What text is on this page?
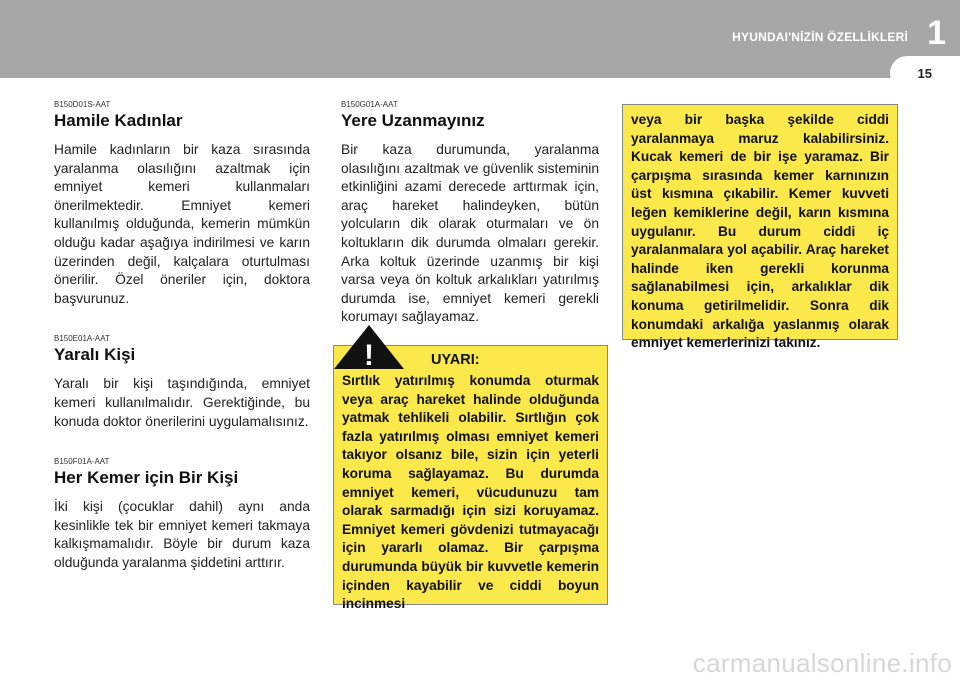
HYUNDAI'NİZİN ÖZELLİKLERİ 1
15
B150D01S-AAT
Hamile Kadınlar

Hamile kadınların bir kaza sırasında yaralanma olasılığını azaltmak için emniyet kemeri kullanmaları önerilmektedir. Emniyet kemeri kullanılmış olduğunda, kemerin mümkün olduğu kadar aşağıya indirilmesi ve karın üzerinden değil, kalçalara oturtulması önerilir. Özel öneriler için, doktora başvurunuz.

B150E01A-AAT
Yaralı Kişi

Yaralı bir kişi taşındığında, emniyet kemeri kullanılmalıdır. Gerektiğinde, bu konuda doktor önerilerini uygulamalısınız.

B150F01A-AAT
Her Kemer için Bir Kişi

İki kişi (çocuklar dahil) aynı anda kesinlikle tek bir emniyet kemeri takmaya kalkışmamalıdır. Böyle bir durum kaza olduğunda yaralanma şiddetini arttırır.

B150G01A-AAT
Yere Uzanmayınız

Bir kaza durumunda, yaralanma olasılığını azaltmak ve güvenlik sisteminin etkinliğini azami derecede arttırmak için, araç hareket halindeyken, bütün yolcuların dik olarak oturmaları ve ön koltukların dik durumda olmaları gerekir. Arka koltuk üzerinde uzanmış bir kişi varsa veya ön koltuk arkalıkları yatırılmış durumda ise, emniyet kemeri gerekli korumayı sağlayamaz.

UYARI:

Sırtlık yatırılmış konumda oturmak veya araç hareket halinde olduğunda yatmak tehlikeli olabilir. Sırtlığın çok fazla yatırılmış olması emniyet kemeri takıyor olsanız bile, sizin için yeterli koruma sağlayamaz. Bu durumda emniyet kemeri, vücudunuzu tam olarak sarmadığı için sizi koruyamaz. Emniyet kemeri gövdenizi tutmayacağı için yararlı olamaz. Bir çarpışma durumunda büyük bir kuvvetle kemerin içinden kayabilir ve ciddi boyun incinmesi

!

veya bir başka şekilde ciddi yaralanmaya maruz kalabilirsiniz. Kucak kemeri de bir işe yaramaz. Bir çarpışma sırasında kemer karnınızın üst kısmına çıkabilir. Kemer kuvveti leğen kemiklerine değil, karın kısmına uygulanır. Bu durum ciddi iç yaralanmalara yol açabilir. Araç hareket halinde iken gerekli korunma sağlanabilmesi için, arkalıklar dik konuma getirilmelidir. Sonra dik konumdaki arkalığa yaslanmış olarak emniyet kemerlerinizi takınız.

carmanualsonline.info
